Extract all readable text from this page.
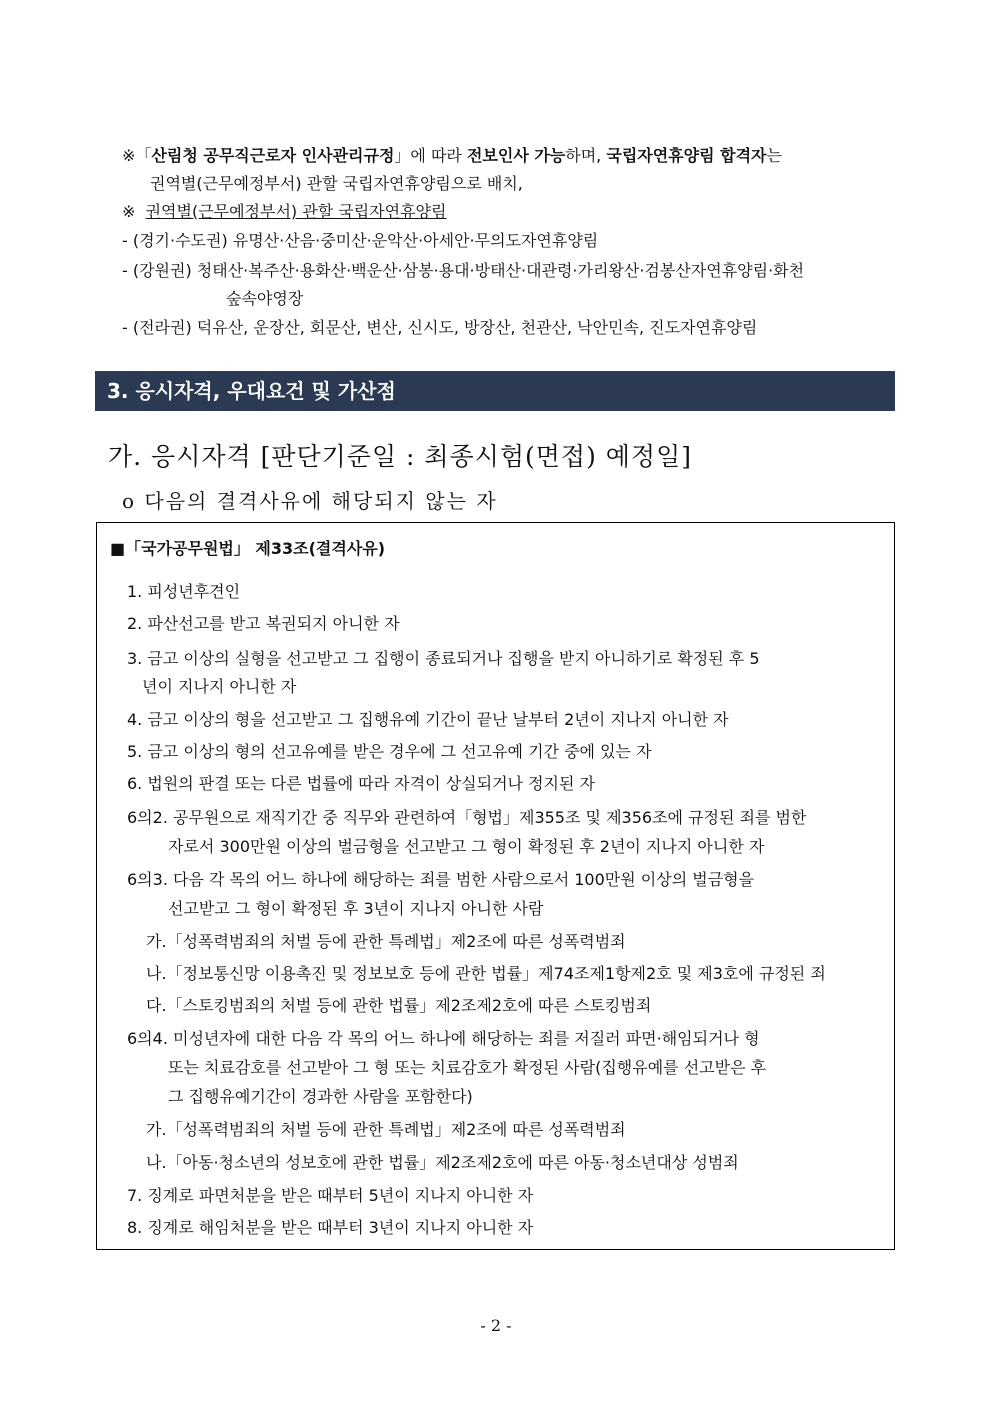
※「산림청 공무직근로자 인사관리규정」에 따라 전보인사 가능하며, 국립자연휴양림 합격자는
권역별(근무예정부서) 관할 국립자연휴양림으로 배치,
※ 권역별(근무예정부서) 관할 국립자연휴양림
- (경기·수도권) 유명산·산음·중미산·운악산·아세안·무의도자연휴양림
- (강원권) 청태산·복주산·용화산·백운산·삼봉·용대·방태산·대관령·가리왕산·검봉산자연휴양림·화천
숲속야영장
- (전라권) 덕유산, 운장산, 회문산, 변산, 신시도, 방장산, 천관산, 낙안민속, 진도자연휴양림
3. 응시자격, 우대요건 및 가산점
가. 응시자격 [판단기준일 : 최종시험(면접) 예정일]
o 다음의 결격사유에 해당되지 않는 자
■「국가공무원법」 제33조(결격사유)
1. 피성년후견인
2. 파산선고를 받고 복권되지 아니한 자
3. 금고 이상의 실형을 선고받고 그 집행이 종료되거나 집행을 받지 아니하기로 확정된 후 5
년이 지나지 아니한 자
4. 금고 이상의 형을 선고받고 그 집행유예 기간이 끝난 날부터 2년이 지나지 아니한 자
5. 금고 이상의 형의 선고유예를 받은 경우에 그 선고유예 기간 중에 있는 자
6. 법원의 판결 또는 다른 법률에 따라 자격이 상실되거나 정지된 자
6의2. 공무원으로 재직기간 중 직무와 관련하여「형법」제355조 및 제356조에 규정된 죄를 범한
자로서 300만원 이상의 벌금형을 선고받고 그 형이 확정된 후 2년이 지나지 아니한 자
6의3. 다음 각 목의 어느 하나에 해당하는 죄를 범한 사람으로서 100만원 이상의 벌금형을
선고받고 그 형이 확정된 후 3년이 지나지 아니한 사람
가.「성폭력범죄의 처벌 등에 관한 특례법」제2조에 따른 성폭력범죄
나.「정보통신망 이용촉진 및 정보보호 등에 관한 법률」제74조제1항제2호 및 제3호에 규정된 죄
다.「스토킹범죄의 처벌 등에 관한 법률」제2조제2호에 따른 스토킹범죄
6의4. 미성년자에 대한 다음 각 목의 어느 하나에 해당하는 죄를 저질러 파면·해임되거나 형
또는 치료감호를 선고받아 그 형 또는 치료감호가 확정된 사람(집행유예를 선고받은 후
그 집행유예기간이 경과한 사람을 포함한다)
가.「성폭력범죄의 처벌 등에 관한 특례법」제2조에 따른 성폭력범죄
나.「아동·청소년의 성보호에 관한 법률」제2조제2호에 따른 아동·청소년대상 성범죄
7. 징계로 파면처분을 받은 때부터 5년이 지나지 아니한 자
8. 징계로 해임처분을 받은 때부터 3년이 지나지 아니한 자
- 2 -
